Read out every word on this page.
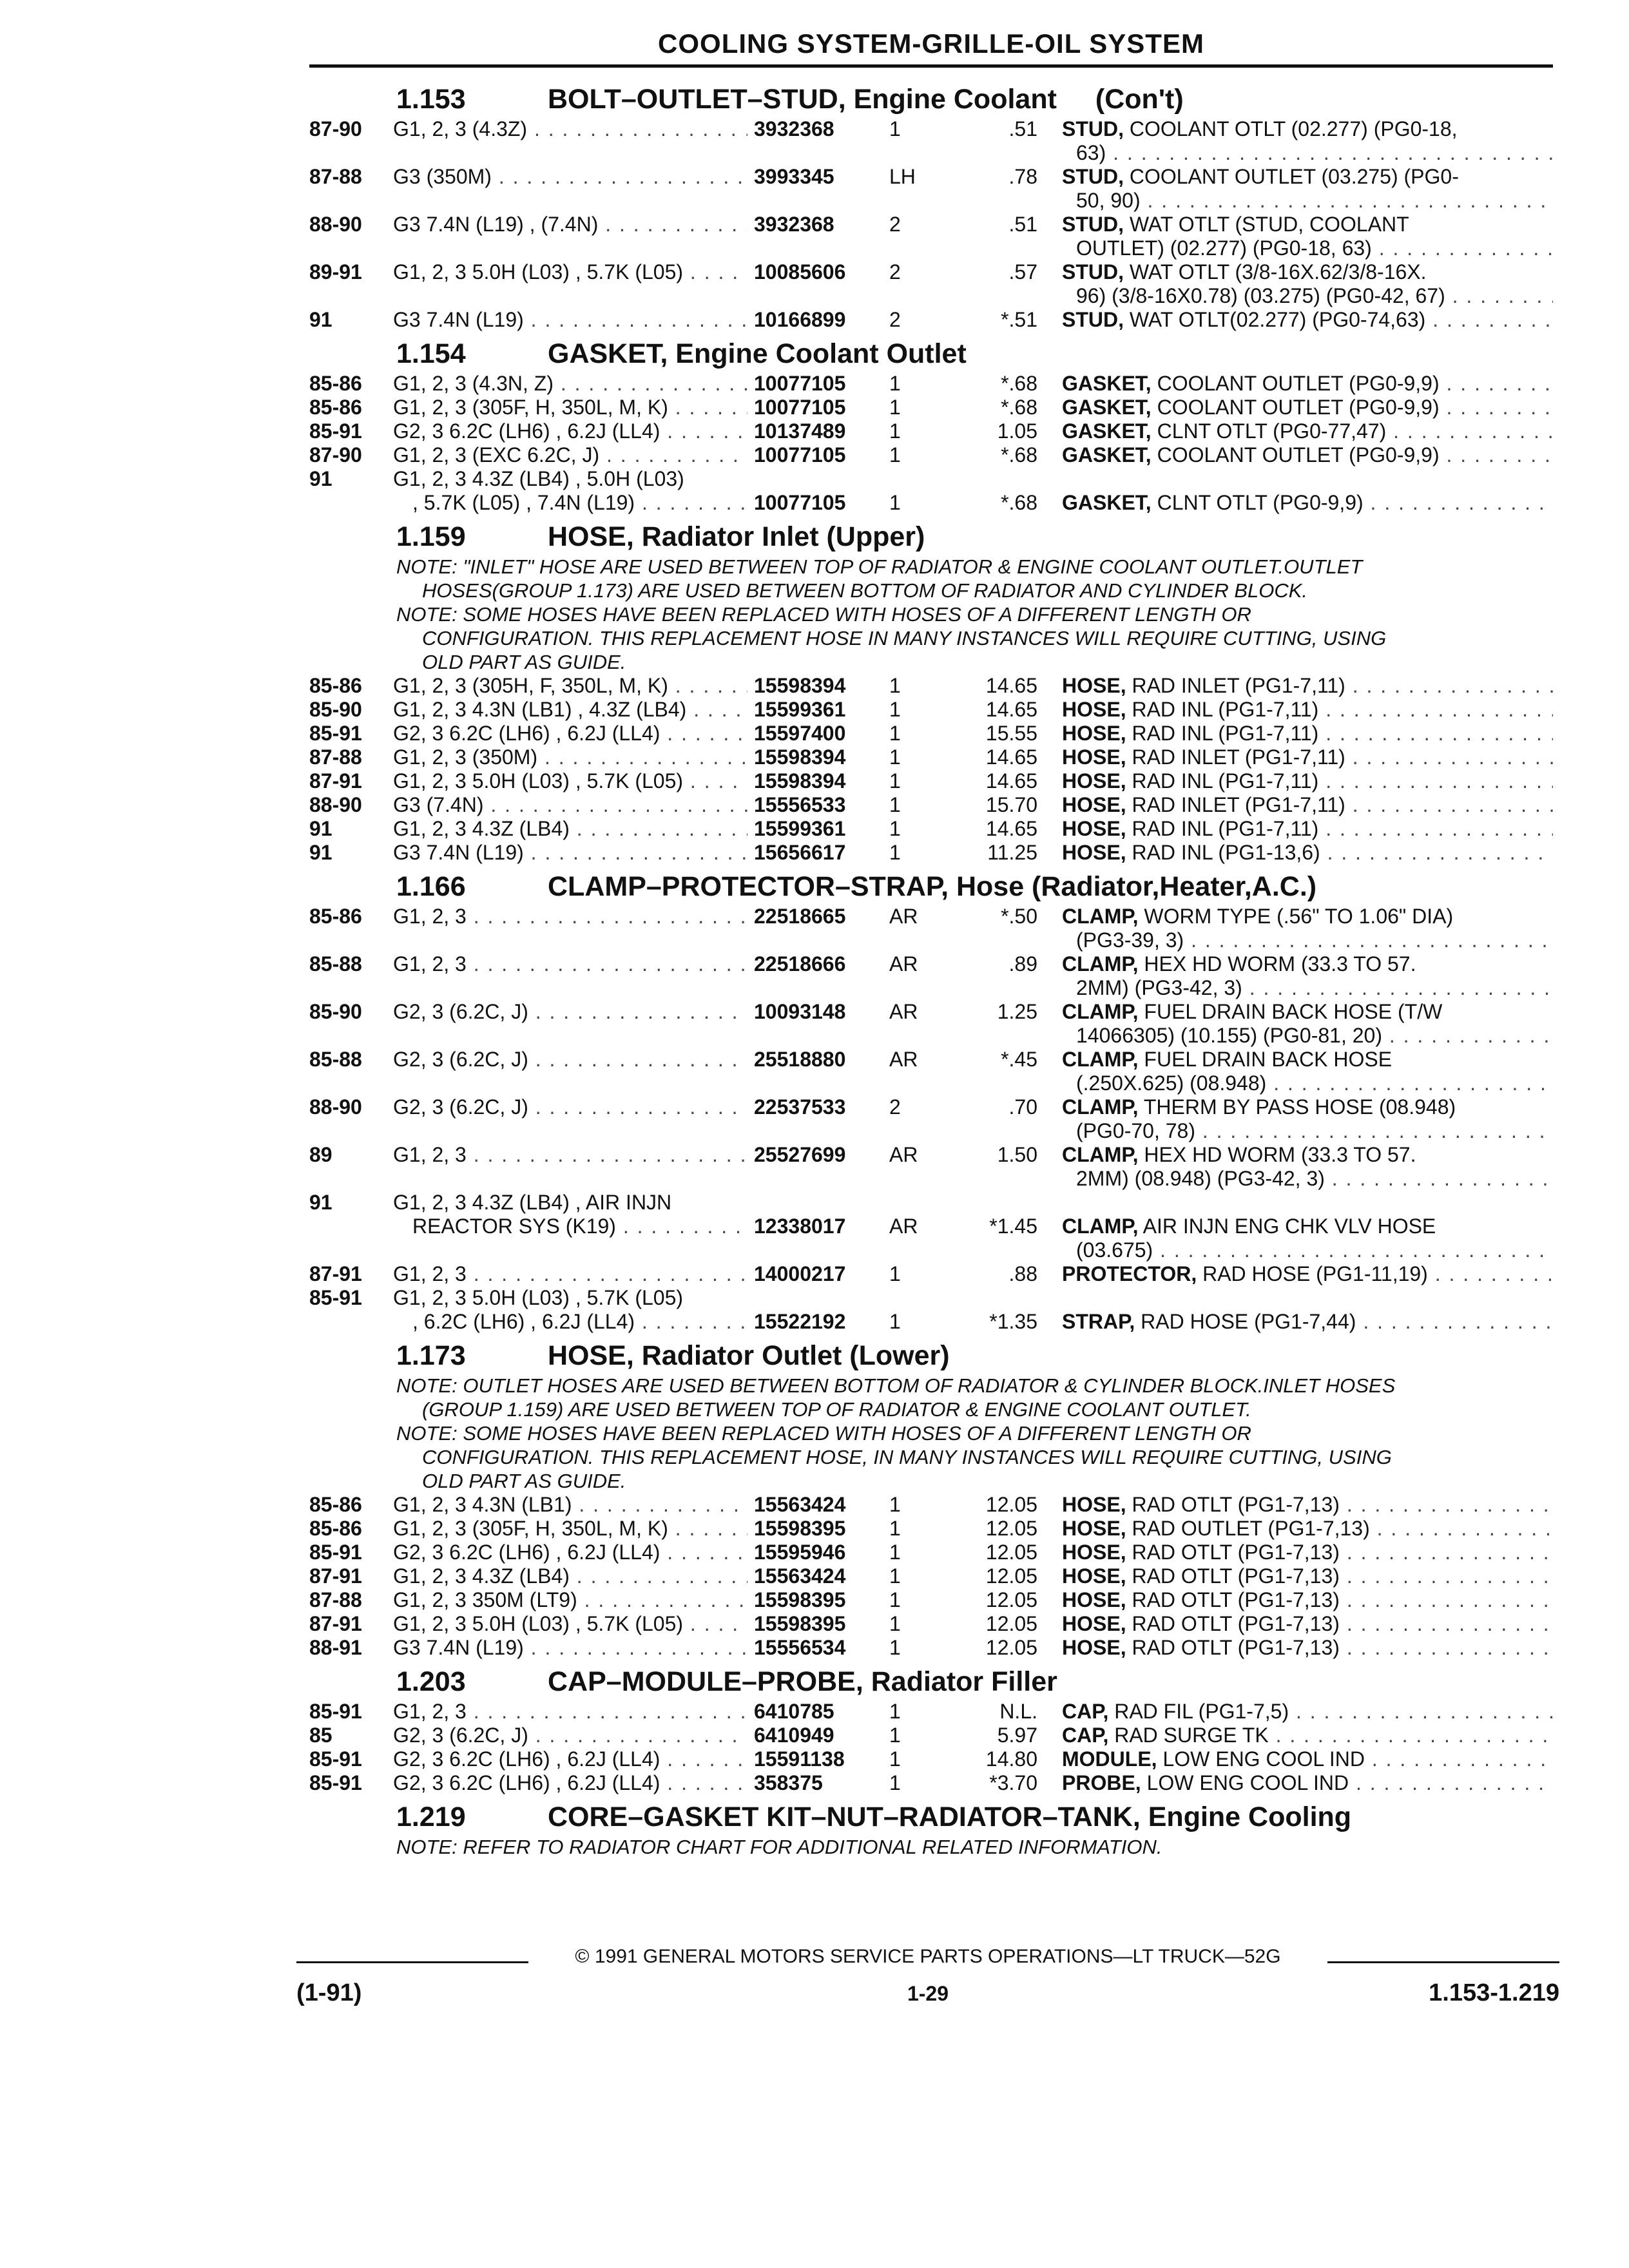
COOLING SYSTEM-GRILLE-OIL SYSTEM
1.153	BOLT–OUTLET–STUD, Engine Coolant (Con't)
87-90	G1, 2, 3 (4.3Z) . . .	3932368	1	.51 STUD, COOLANT OTLT (02.277) (PG0-18,
63) . . .
87-88	G3 (350M) . . .	3993345	LH	.78 STUD, COOLANT OUTLET (03.275) (PG0-
50, 90) . . .
88-90	G3 7.4N (L19) , (7.4N) . . .	3932368	2	.51 STUD, WAT OTLT (STUD, COOLANT
OUTLET) (02.277) (PG0-18, 63) . . .
89-91	G1, 2, 3 5.0H (L03) , 5.7K (L05) . . .	10085606	2	.57 STUD, WAT OTLT (3/8-16X.62/3/8-16X.
96) (3/8-16X0.78) (03.275) (PG0-42, 67) . . .
91	G3 7.4N (L19) . . .	10166899	2	*.51 STUD, WAT OTLT(02.277) (PG0-74,63) . . .
1.154	GASKET, Engine Coolant Outlet
85-86	G1, 2, 3 (4.3N, Z) . . .	10077105	1	*.68 GASKET, COOLANT OUTLET (PG0-9,9) . . .
85-86	G1, 2, 3 (305F, H, 350L, M, K) . . .	10077105	1	*.68 GASKET, COOLANT OUTLET (PG0-9,9) . . .
85-91	G2, 3 6.2C (LH6) , 6.2J (LL4) . . .	10137489	1	1.05 GASKET, CLNT OTLT (PG0-77,47) . . .
87-90	G1, 2, 3 (EXC 6.2C, J) . . .	10077105	1	*.68 GASKET, COOLANT OUTLET (PG0-9,9) . . .
91	G1, 2, 3 4.3Z (LB4) , 5.0H (L03)
, 5.7K (L05) , 7.4N (L19) . . .	10077105	1	*.68 GASKET, CLNT OTLT (PG0-9,9) . . .
1.159	HOSE, Radiator Inlet (Upper)
NOTE: "INLET" HOSE ARE USED BETWEEN TOP OF RADIATOR & ENGINE COOLANT OUTLET.OUTLET
HOSES(GROUP 1.173) ARE USED BETWEEN BOTTOM OF RADIATOR AND CYLINDER BLOCK.
NOTE: SOME HOSES HAVE BEEN REPLACED WITH HOSES OF A DIFFERENT LENGTH OR
CONFIGURATION. THIS REPLACEMENT HOSE IN MANY INSTANCES WILL REQUIRE CUTTING, USING
OLD PART AS GUIDE.
85-86	G1, 2, 3 (305H, F, 350L, M, K) . . .	15598394	1	14.65 HOSE, RAD INLET (PG1-7,11) . . .
85-90	G1, 2, 3 4.3N (LB1) , 4.3Z (LB4) . . .	15599361	1	14.65 HOSE, RAD INL (PG1-7,11) . . .
85-91	G2, 3 6.2C (LH6) , 6.2J (LL4) . . .	15597400	1	15.55 HOSE, RAD INL (PG1-7,11) . . .
87-88	G1, 2, 3 (350M) . . .	15598394	1	14.65 HOSE, RAD INLET (PG1-7,11) . . .
87-91	G1, 2, 3 5.0H (L03) , 5.7K (L05) . . .	15598394	1	14.65 HOSE, RAD INL (PG1-7,11) . . .
88-90	G3 (7.4N) . . .	15556533	1	15.70 HOSE, RAD INLET (PG1-7,11) . . .
91	G1, 2, 3 4.3Z (LB4) . . .	15599361	1	14.65 HOSE, RAD INL (PG1-7,11) . . .
91	G3 7.4N (L19) . . .	15656617	1	11.25 HOSE, RAD INL (PG1-13,6) . . .
1.166	CLAMP–PROTECTOR–STRAP, Hose (Radiator,Heater,A.C.)
85-86	G1, 2, 3 . . .	22518665	AR	*.50 CLAMP, WORM TYPE (.56" TO 1.06" DIA)
(PG3-39, 3) . . .
85-88	G1, 2, 3 . . .	22518666	AR	.89 CLAMP, HEX HD WORM (33.3 TO 57.
2MM) (PG3-42, 3) . . .
85-90	G2, 3 (6.2C, J) . . .	10093148	AR	1.25 CLAMP, FUEL DRAIN BACK HOSE (T/W
14066305) (10.155) (PG0-81, 20) . . .
85-88	G2, 3 (6.2C, J) . . .	25518880	AR	*.45 CLAMP, FUEL DRAIN BACK HOSE
(.250X.625) (08.948) . . .
88-90	G2, 3 (6.2C, J) . . .	22537533	2	.70 CLAMP, THERM BY PASS HOSE (08.948)
(PG0-70, 78) . . .
89	G1, 2, 3 . . .	25527699	AR	1.50 CLAMP, HEX HD WORM (33.3 TO 57.
2MM) (08.948) (PG3-42, 3) . . .
91	G1, 2, 3 4.3Z (LB4) , AIR INJN
REACTOR SYS (K19) . . .	12338017	AR	*1.45 CLAMP, AIR INJN ENG CHK VLV HOSE
(03.675) . . .
87-91	G1, 2, 3 . . .	14000217	1	.88 PROTECTOR, RAD HOSE (PG1-11,19) . . .
85-91	G1, 2, 3 5.0H (L03) , 5.7K (L05)
, 6.2C (LH6) , 6.2J (LL4) . . .	15522192	1	*1.35 STRAP, RAD HOSE (PG1-7,44) . . .
1.173	HOSE, Radiator Outlet (Lower)
NOTE: OUTLET HOSES ARE USED BETWEEN BOTTOM OF RADIATOR & CYLINDER BLOCK.INLET HOSES
(GROUP 1.159) ARE USED BETWEEN TOP OF RADIATOR & ENGINE COOLANT OUTLET.
NOTE: SOME HOSES HAVE BEEN REPLACED WITH HOSES OF A DIFFERENT LENGTH OR
CONFIGURATION. THIS REPLACEMENT HOSE, IN MANY INSTANCES WILL REQUIRE CUTTING, USING
OLD PART AS GUIDE.
85-86	G1, 2, 3 4.3N (LB1) . . .	15563424	1	12.05 HOSE, RAD OTLT (PG1-7,13) . . .
85-86	G1, 2, 3 (305F, H, 350L, M, K) . . .	15598395	1	12.05 HOSE, RAD OUTLET (PG1-7,13) . . .
85-91	G2, 3 6.2C (LH6) , 6.2J (LL4) . . .	15595946	1	12.05 HOSE, RAD OTLT (PG1-7,13) . . .
87-91	G1, 2, 3 4.3Z (LB4) . . .	15563424	1	12.05 HOSE, RAD OTLT (PG1-7,13) . . .
87-88	G1, 2, 3 350M (LT9) . . .	15598395	1	12.05 HOSE, RAD OTLT (PG1-7,13) . . .
87-91	G1, 2, 3 5.0H (L03) , 5.7K (L05) . . .	15598395	1	12.05 HOSE, RAD OTLT (PG1-7,13) . . .
88-91	G3 7.4N (L19) . . .	15556534	1	12.05 HOSE, RAD OTLT (PG1-7,13) . . .
1.203	CAP–MODULE–PROBE, Radiator Filler
85-91	G1, 2, 3 . . .	6410785	1	N.L. CAP, RAD FIL (PG1-7,5) . . .
85	G2, 3 (6.2C, J) . . .	6410949	1	5.97 CAP, RAD SURGE TK . . .
85-91	G2, 3 6.2C (LH6) , 6.2J (LL4) . . .	15591138	1	14.80 MODULE, LOW ENG COOL IND . . .
85-91	G2, 3 6.2C (LH6) , 6.2J (LL4) . . .	358375	1	*3.70 PROBE, LOW ENG COOL IND . . .
1.219	CORE–GASKET KIT–NUT–RADIATOR–TANK, Engine Cooling
NOTE: REFER TO RADIATOR CHART FOR ADDITIONAL RELATED INFORMATION.
© 1991 GENERAL MOTORS SERVICE PARTS OPERATIONS—LT TRUCK—52G
(1-91)	1-29	1.153-1.219
